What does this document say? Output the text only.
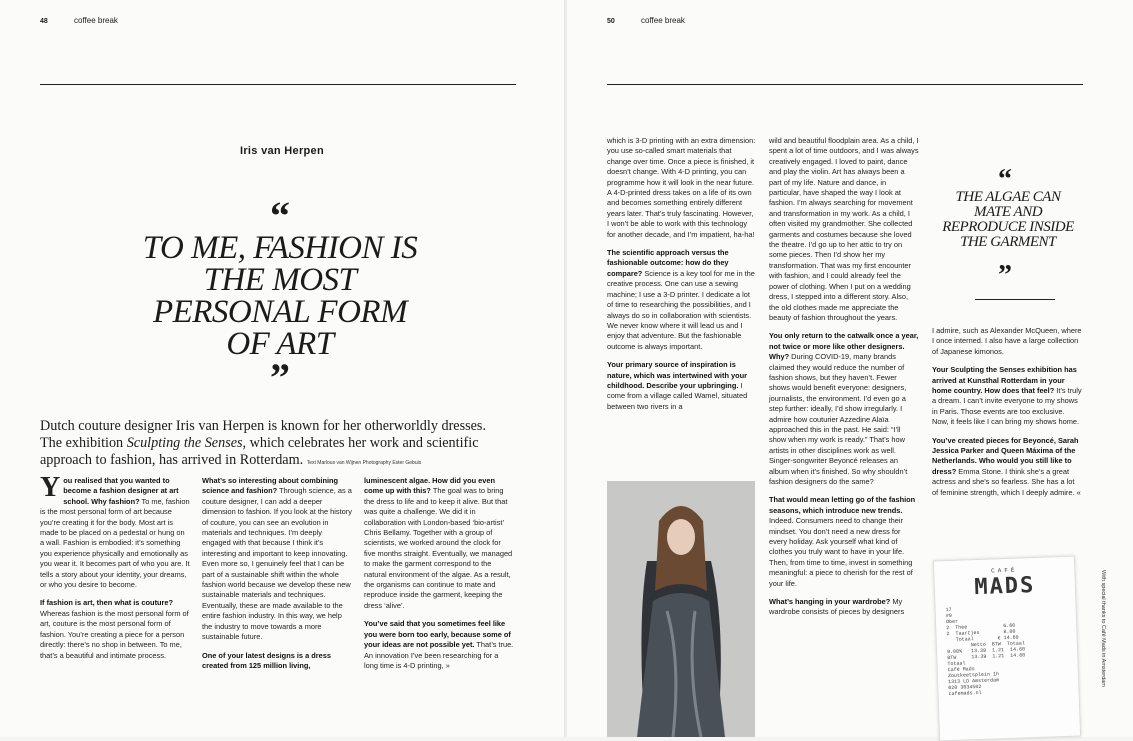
48	coffee break
Iris van Herpen
“
TO ME, FASHION IS THE MOST PERSONAL FORM OF ART
”
Dutch couture designer Iris van Herpen is known for her otherworldly dresses. The exhibition Sculpting the Senses, which celebrates her work and scientific approach to fashion, has arrived in Rotterdam. Text Marlous van Wijnen Photography Ester Gebuis

You realised that you wanted to become a fashion designer at art school. Why fashion? To me, fashion is the most personal form of art because you’re creating it for the body. Most art is made to be placed on a pedestal or hung on a wall. Fashion is embodied: it’s something you experience physically and emotionally as you wear it. It becomes part of who you are. It tells a story about your identity, your dreams, or who you desire to become.

If fashion is art, then what is couture? Whereas fashion is the most personal form of art, couture is the most personal form of fashion. You’re creating a piece for a person directly: there’s no shop in between. To me, that’s a beautiful and intimate process.

What’s so interesting about combining science and fashion? Through science, as a couture designer, I can add a deeper dimension to fashion. If you look at the history of couture, you can see an evolution in materials and techniques. I’m deeply engaged with that because I think it’s interesting and important to keep innovating. Even more so, I genuinely feel that I can be part of a sustainable shift within the whole fashion world because we develop these new sustainable materials and techniques. Eventually, these are made available to the entire fashion industry. In this way, we help the industry to move towards a more sustainable future.

One of your latest designs is a dress created from 125 million living,

luminescent algae. How did you even come up with this? The goal was to bring the dress to life and to keep it alive. But that was quite a challenge. We did it in collaboration with London-based ‘bio-artist’ Chris Bellamy. Together with a group of scientists, we worked around the clock for five months straight. Eventually, we managed to make the garment correspond to the natural environment of the algae. As a result, the organisms can continue to mate and reproduce inside the garment, keeping the dress ‘alive’.

You’ve said that you sometimes feel like you were born too early, because some of your ideas are not possible yet. That’s true. An innovation I’ve been researching for a long time is 4-D printing, »

50	coffee break

which is 3-D printing with an extra dimension: you use so-called smart materials that change over time. Once a piece is finished, it doesn’t change. With 4-D printing, you can programme how it will look in the near future. A 4-D-printed dress takes on a life of its own and becomes something entirely different years later. That’s truly fascinating. However, I won’t be able to work with this technology for another decade, and I’m impatient, ha-ha!

The scientific approach versus the fashionable outcome: how do they compare? Science is a key tool for me in the creative process. One can use a sewing machine; I use a 3-D printer. I dedicate a lot of time to researching the possibilities, and I always do so in collaboration with scientists. We never know where it will lead us and I enjoy that adventure. But the fashionable outcome is always important.

Your primary source of inspiration is nature, which was intertwined with your childhood. Describe your upbringing. I come from a village called Wamel, situated between two rivers in a

wild and beautiful floodplain area. As a child, I spent a lot of time outdoors, and I was always creatively engaged. I loved to paint, dance and play the violin. Art has always been a part of my life. Nature and dance, in particular, have shaped the way I look at fashion. I’m always searching for movement and transformation in my work. As a child, I often visited my grandmother. She collected garments and costumes because she loved the theatre. I’d go up to her attic to try on some pieces. Then I’d show her my transformation. That was my first encounter with fashion, and I could already feel the power of clothing. When I put on a wedding dress, I stepped into a different story. Also, the old clothes made me appreciate the beauty of fashion throughout the years.

You only return to the catwalk once a year, not twice or more like other designers. Why? During COVID-19, many brands claimed they would reduce the number of fashion shows, but they haven’t. Fewer shows would benefit everyone: designers, journalists, the environment. I’d even go a step further: ideally, I’d show irregularly. I admire how couturier Azzedine Alaïa approached this in the past. He said: “I’ll show when my work is ready.” That’s how artists in other disciplines work as well. Singer-songwriter Beyoncé releases an album when it’s finished. So why shouldn’t fashion designers do the same?

That would mean letting go of the fashion seasons, which introduce new trends. Indeed. Consumers need to change their mindset. You don’t need a new dress for every holiday. Ask yourself what kind of clothes you truly want to have in your life. Then, from time to time, invest in something meaningful: a piece to cherish for the rest of your life.

What’s hanging in your wardrobe? My wardrobe consists of pieces by designers

I admire, such as Alexander McQueen, where I once interned. I also have a large collection of Japanese kimonos.

Your Sculpting the Senses exhibition has arrived at Kunsthal Rotterdam in your home country. How does that feel? It’s truly a dream. I can’t invite everyone to my shows in Paris. Those events are too exclusive. Now, it feels like I can bring my shows home.

You’ve created pieces for Beyoncé, Sarah Jessica Parker and Queen Máxima of the Netherlands. Who would you still like to dress? Emma Stone. I think she’s a great actress and she’s so fearless. She has a lot of feminine strength, which I deeply admire. «

“
THE ALGAE CAN MATE AND REPRODUCE INSIDE THE GARMENT
”
CAFÉ
MADS
17
#0
Ober
2  Thee            6.60
2  Taartjes        8.00
Totaal        € 14.60
Netto  BTW  Totaal
9.00%   13.39  1.21  14.60
BTW     13.39  1.21  14.60
Totaal
Café Mads
Zoutkeetsplein 1h
1313 LD Amsterdam
020 3034502
cafemads.nl
With special thanks to Café Mads in Amsterdam
